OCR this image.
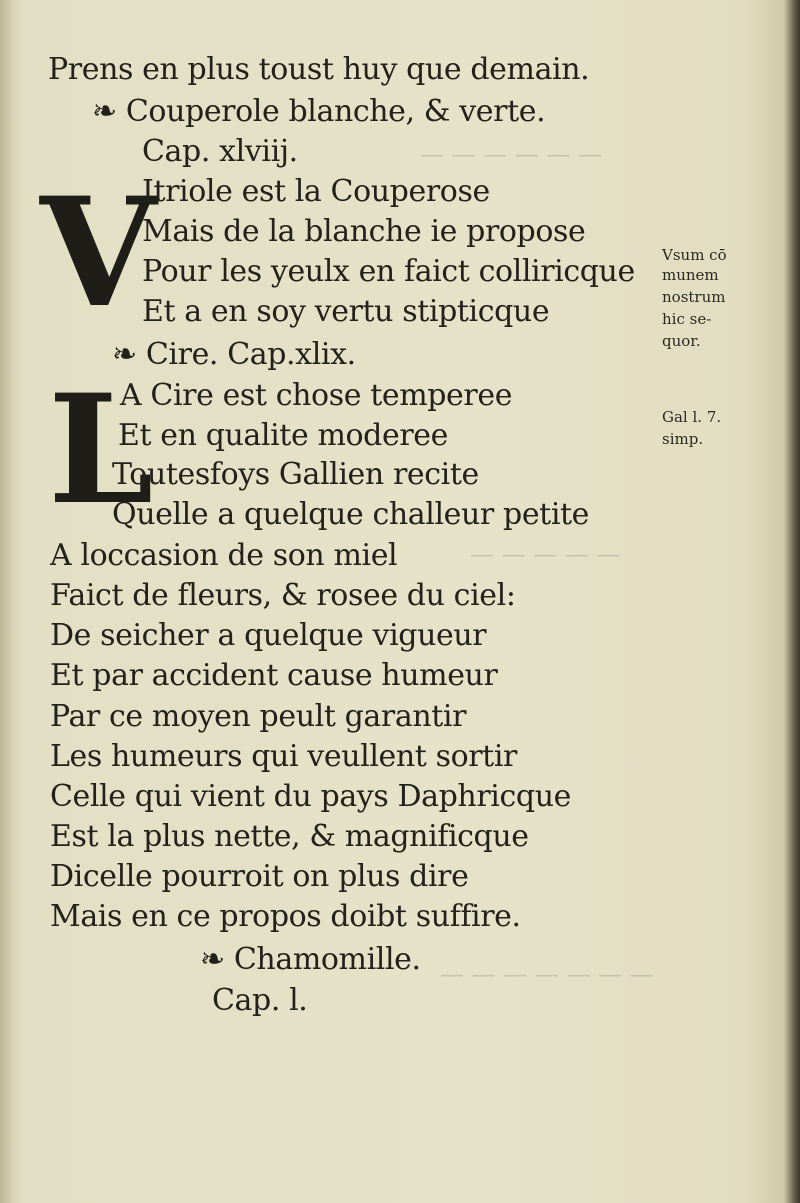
— — — — — —
— — — — —
— — — — — — —
V
L
Prens en plus toust huy que demain.
❧ Couperole blanche, & verte.
Cap. xlviij.
Itriole est la Couperose
Mais de la blanche ie propose
Pour les yeulx en faict colliricque
Et a en soy vertu stipticque
❧ Cire. Cap.xlix.
A Cire est chose temperee
Et en qualite moderee
Toutesfoys Gallien recite
Quelle a quelque challeur petite
A loccasion de son miel
Faict de fleurs, & rosee du ciel:
De seicher a quelque vigueur
Et par accident cause humeur
Par ce moyen peult garantir
Les humeurs qui veullent sortir
Celle qui vient du pays Daphricque
Est la plus nette, & magnificque
Dicelle pourroit on plus dire
Mais en ce propos doibt suffire.
❧ Chamomille.
Cap. l.
Vsum cō
munem
nostrum
hic se-
quor.
Gal l. 7.
simp.
